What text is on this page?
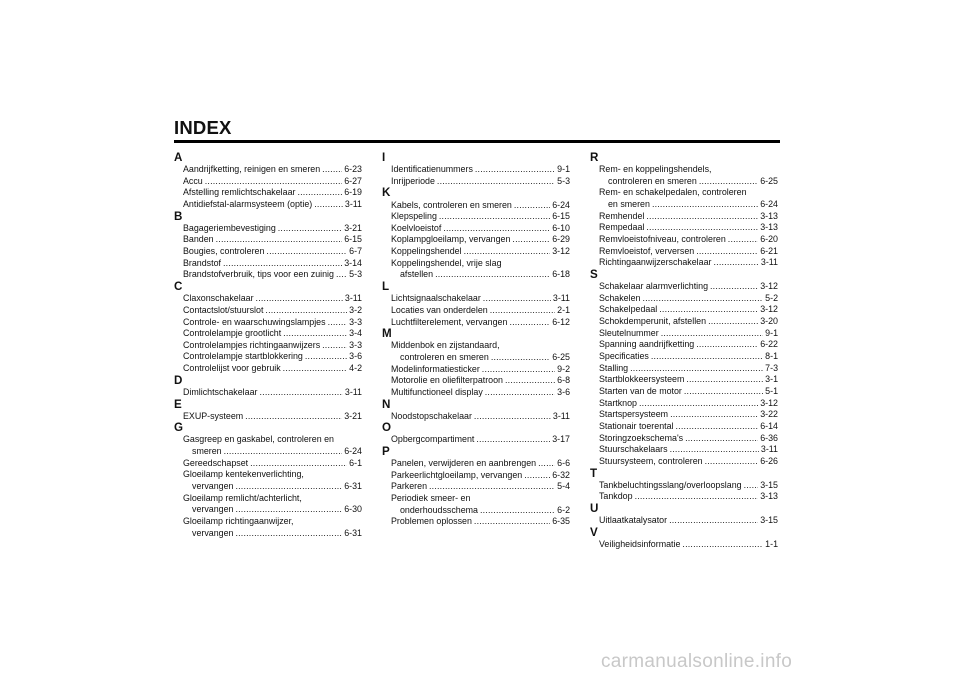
INDEX
A
Aandrijfketting, reinigen en smeren .....	6-23
Accu .....	6-27
Afstelling remlichtschakelaar .....	6-19
Antidiefstal-alarmsysteem (optie) .....	3-11
B
Bagageriembevestiging .....	3-21
Banden .....	6-15
Bougies, controleren .....	6-7
Brandstof .....	3-14
Brandstofverbruik, tips voor een zuinig ..... 5-3
C
Claxonschakelaar .....	3-11
Contactslot/stuurslot .....	3-2
Controle- en waarschuwingslampjes .....	3-3
Controlelampje grootlicht .....	3-4
Controlelampjes richtingaanwijzers .....	3-3
Controlelampje startblokkering .....	3-6
Controlelijst voor gebruik .....	4-2
D
Dimlichtschakelaar .....	3-11
E
EXUP-systeem .....	3-21
G
Gasgreep en gaskabel, controleren en
smeren .....	6-24
Gereedschapset .....	6-1
Gloeilamp kentekenverlichting,
vervangen .....	6-31
Gloeilamp remlicht/achterlicht,
vervangen .....	6-30
Gloeilamp richtingaanwijzer,
vervangen .....	6-31
I
Identificatienummers .....	9-1
Inrijperiode .....	5-3
K
Kabels, controleren en smeren .....	6-24
Klepspeling .....	6-15
Koelvloeistof .....	6-10
Koplampgloeilamp, vervangen .....	6-29
Koppelingshendel .....	3-12
Koppelingshendel, vrije slag
afstellen .....	6-18
L
Lichtsignaalschakelaar .....	3-11
Locaties van onderdelen .....	2-1
Luchtfilterelement, vervangen .....	6-12
M
Middenbok en zijstandaard,
controleren en smeren .....	6-25
Modelinformatiesticker .....	9-2
Motorolie en oliefilterpatroon .....	6-8
Multifunctioneel display .....	3-6
N
Noodstopschakelaar .....	3-11
O
Opbergcompartiment .....	3-17
P
Panelen, verwijderen en aanbrengen ..... 6-6
Parkeerlichtgloeilamp, vervangen .....	6-32
Parkeren .....	5-4
Periodiek smeer- en
onderhoudsschema .....	6-2
Problemen oplossen .....	6-35
R
Rem- en koppelingshendels,
controleren en smeren .....	6-25
Rem- en schakelpedalen, controleren
en smeren .....	6-24
Remhendel .....	3-13
Rempedaal .....	3-13
Remvloeistofniveau, controleren .....	6-20
Remvloeistof, verversen .....	6-21
Richtingaanwijzerschakelaar .....	3-11
S
Schakelaar alarmverlichting .....	3-12
Schakelen .....	5-2
Schakelpedaal .....	3-12
Schokdemperunit, afstellen .....	3-20
Sleutelnummer .....	9-1
Spanning aandrijfketting .....	6-22
Specificaties .....	8-1
Stalling .....	7-3
Startblokkeersysteem .....	3-1
Starten van de motor .....	5-1
Startknop .....	3-12
Startspersysteem .....	3-22
Stationair toerental .....	6-14
Storingzoekschema's .....	6-36
Stuurschakelaars .....	3-11
Stuursysteem, controleren .....	6-26
T
Tankbeluchtingsslang/overloopslang ..... 3-15
Tankdop .....	3-13
U
Uitlaatkatalysator .....	3-15
V
Veiligheidsinformatie .....	1-1
carmanualsonline.info
